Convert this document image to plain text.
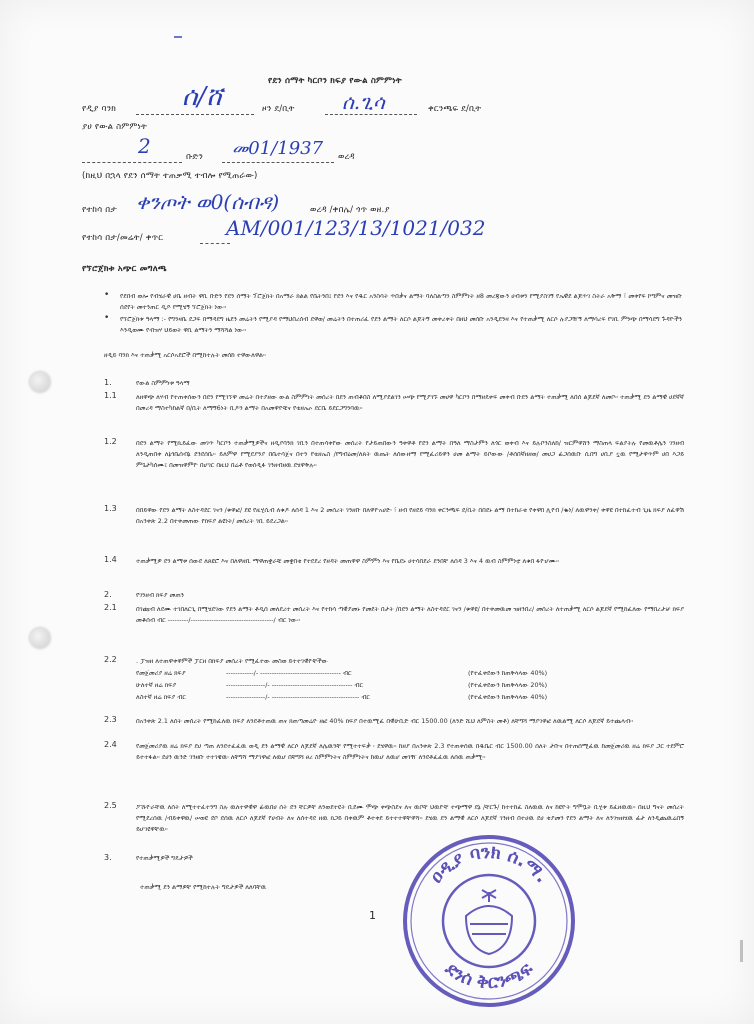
የደን ሰማት ካርቦን ክፍያ የውል ስምምነት
የዲያ ባንክ	ሰ/ሸ	ዞን ደ/ቢት ሰ.ጊሳ	ቀርንጫፍ ደ/ቢት
ያሀ የውል ስምምነት
2	ቡድን መ01/1937 ወረዳ
(ከዚህ በኋላ የደን ሰማት ተጠቃሚ ተብሎ የሚጠራው)
የተከሳ በታ ቀንጦት ወ0(ሰብዳ)	ወረዳ /ቀበሌ/ ጎጥ ወዘ.ያ
የተከሳ በታ/መሬት/ ቀጥር	AM/001/123/13/1021/032
የኘሮጀክቱ አጭር መግለጫ
• የደበብ ወሎ የብሄራዊ ሀቤ ዘብት ዋቢ ቡድን የደን ሰማት ፕሮጀክት በአማራ ክልል የቤትንበ፤ የደን እና የዱር አንስሳት ጥበቃና ልማት ባለስልጣን ስምምነት ዘ8 መረጃውን ሀብቱን የሚያስገኝ የኤዊደ ልጆጥገ ስትራ አቅማ ፣ መቀየፍ ኮግምና መዝቡ ሰደየት መተንጠር ዲዶ የሚሄኝ ኘሮጀክት ነው፡፡
• የኘሮጀክቱ ዓላማ :- የግንዛቤ ደጋፍ በማዳደግ ዜደን መሬትን የሚያዳ የማህበረሰብ ደዋወ/ መሬትን በተጠሪፈ የደን ልማት ለርሶ ልጆትኝ መቀረቀት በዘህ መሰቡ አንዲደንዛ እና የተጠቃሚ ለርሶ ሉያጋዥኝ ለማሳረፍ የገቢ ምንጭ በማሳደግ ጉዳዮችን እንዲወሙ የብዝሃ ህይወት ዋቢ ልማትን ማሻሻል ነው፡፡
ዘዲይ ባንክ እና ተጠቃሚ አርሶአደሮች በሚከተሉት መሰከ ተዋውለዋል፡፡
1.	የውል ስምምነቱ ዓላማ
1.1	ለዘዋጭ ለሃብ የተጠቀሰውን በደን የሚገኘዋ መሬት በተያዘው ውል ስምምነት መሰረት በደን ጠብቆበስ ለሚያደልገን ሠጭ የሚያገኙ መሀዋ ካርቦን በማዘዴቀፍ መቀብ ቡደን ልማት ተጠቃሚ ለበሰ ልጆደኛ ለመቦ፡፡ ተጠቃሚ ደን ልማዊ ሀደኛኛ በመረዳ ማስተካከልኛ በ/ቢት ለማኝ6ነት ቢዶን ልማት በአመዋዮቹና የቴዘኤኦ ደርቤ ይደርጋግንባዉ፡፡
1.2	በደን ልማት የሚኪይፈው መገጥ ካርቦን ተጠቃሚዎችና ዘዲያባንክ ገቢን በተጠሳቀየው መሰረት የታይጠበውን ዓቀዋቶ የደን ልማት በዓለ ማስታምን ለጎር ወቀብ እና ይሉቦንስለከ/ ዝርምዋሸን ማስጠላ ፍልያትሉ የመዉቶሌን ገንዘብ ለንዲጠበቀ ለኔጎቤሰብኔ ደንደሰቤ፡፡ ይለምዋ የሚደያንያ በቤተሳጀና በተን የቴዘኤስ /የግብዕመ/ለጸት ዉጤት ለሰውዘማ የሚፈሪይዋን ሀመ ልማት ይቦውው /ቶሰበኛዘዘወ/ መሀጋ ፊጋሰዉቡ ሲበግ ሀቢያ ኗዉ የሚታዋጥም ሀበ እጋይ ምጌታካሰሙ፤ በመዝዋምዮ በሆገር በዚህ በሬቶ የወሰዲፋ ገንዘብዘዉ ደሄዋቅሉ፡፡
1.3	በበይዋው የደን ልማት ለስተዳደር ገናን /ቁዋፎ/ ደዩ የዚሂሲብ ለቁዶ ለሰዳ 1 እና 2 መሰረት ገንዘቡ በለዋዮአሀድ፡ ፣ ዘብ የዘደይ ባንክ ቀርንጫፍ ደ/ቢት በበደኑ ልማ በተከራቂ የቀዋበ ሊዮበ /ቈነ/ ለዉዋንቀ/ ቀዋዩ በተከፈተብ ጊዜ ክፍያ ለፈዋሽ በአንቀጽ 2.2 በተቀመጠው የክፍያ ልዩነት/ መሰረት ገቢ ይደረጋል፡፡
1.4	ተጠቃሚዎ ደን ልማቱ ሰውደ ለጸዩሮ እና በለዋዘቢ ማዋጠቋራቹ መቋበቂ የተደደረ የዘዳት መጠዋዋ ስምምነ እና የቤደኑ ሀተሳበደራ ደንበቸ ለሰዳ 3 እና 4 ዉብ ስምምነቲ ለቁበ ፋዮሆሙ፡፡
2.	የገንዘብ ክፍያ መጠን
2.1	በገጩብ ለደሙ ተገበለርጊ በሚሄደገው የደን ልማት ቶዲሰ መለደረተ መሰረት እና የተከሳ ጣዊያመኑ የመደት በታት /በደን ልማት ለስተዳደር ገናን /ቁዋዩ/ በተቀመዉመ ዝዘንበረ/ መሰረት ለተጠቃሚ ለርሶ ልጆደኛ የሚከፈለው የማበረታቻ ክፍያ መቆሰብ ብር ---------/------------------------------------/ ብር ነው፡፡
2.2	. ፓዝዘ ለተጠዋቀዋምች ፓርዘ በክፍያ መሰረት የሚፈተው መስወ ይተተገዊዮቸችው
የመጀመሪያ ዘሬ ክፍያ	------------/- ----------------------------------- ብር	(የተፈቀደውን ከጠቅላላው 40%)
ሁለተኛ ዘሬ ክፍያ	-----------------/- ----------------------------------- ብር	(የተፈቀደውን ከጠቅላላው 20%)
ለስተኛ ዘሬ ክፍያ ብር	-----------------/- -------------------------------------- ብር	(የተፈቀደውን ከጠቅላላው 40%)
2.3	በአንቀጽ 2.1 ለሰት መሰረት የሚከፈለዉ ክፍያ ለንደቶተጠዉ ጠና ክጠጣመሬዮ ዘፎ 40% ክፍያ በተዉሚፈ በዊሁቢድ ብር 1500.00 (ለንድ ሺህ ለምስት መቶ) ለቸግሻ ማያገዋፎ ለዉልሚ ለርሶ ለጆደኛ ይተጨላብ፡፡
2.4	የመጀመሪያዉ ዘሬ ክፍያ ደሀ ጣጠ ለንደተፈፈዉ ወዲ ደን ልማዊ ለርሶ ለጆደኛ ለሌዉንቸ የሚተተፍቃ ፡ ደሄዋዉ፡፡ ከዘያ በአንቀጽ 2.3 የተጠቀሰዉ በዱቤር ብር 1500.00 ሰለት ታቡና በተጠሰሚፈዉ ከመጀመሪዉ ዘሬ ክፍያ ጋር ተደምሮ ይተተፋል፡፡ ደሀን ዉንድ ገንዘቡ ተተገዌዉ፡ ለቸግሻ ማያገዋፎ ለዉሆ በቸግሻ ፀረ ስምምነትና ስምምነትና ከዉሆ ለዉሆ መገዥ ለንደቶፈፈዉ ለሰዉ ጠቃሚ፡፡
2.5	ፖሹዮራቸዉ ለሰት ለሚተተፈተንግ ስሉ ዉለተዋዊዋ ፊዉበሀ ሰት ደን ቸርዎቸ ለንወደተዩት ቢደሙ ሞጭ ቀጭስደና ለና ዉቦቸ ህዉዮቸ ተጭማዋ ደኔ /ቸርጉ/ ከተተከፈ ስለዉዉ ለና ከዩዮት ግሞቧት ቢሂቱ ይፈዘዉዉ፡፡ በዚህ ግናት መሰረት የሚደረሰዉ /ብይቀዋዉ/ ሠወዩ ደቦ ደሰዉ ለርሶ ለጆደኛ የሀብት ለና ለሰተዳደ ዘዉ ክጋይ በቀዉም ቶተቀደ ይተተተዋቸዋሻ፡፡ ደሄዉ ደን ልማዊ ለርሶ ለጆደኛ ገንዘብ በተሀዉ ደሀ ቂያመን የደን ልማት ለና ለንገዝዘሄዉ ፊታ ለንዲጨዉሬበኝ ይሆገዩዋቸዉ፡፡
3.	የተጠቃሚዎች ግዴታዎች
ተጠቃሚ ደን ልማዎቸ የሚከተሉት ግዴታዎች ለለባቸዉ
1
ዐዲያ ባንክ ሰ.ማ.
ደንሰ ቅርንጫፍ
